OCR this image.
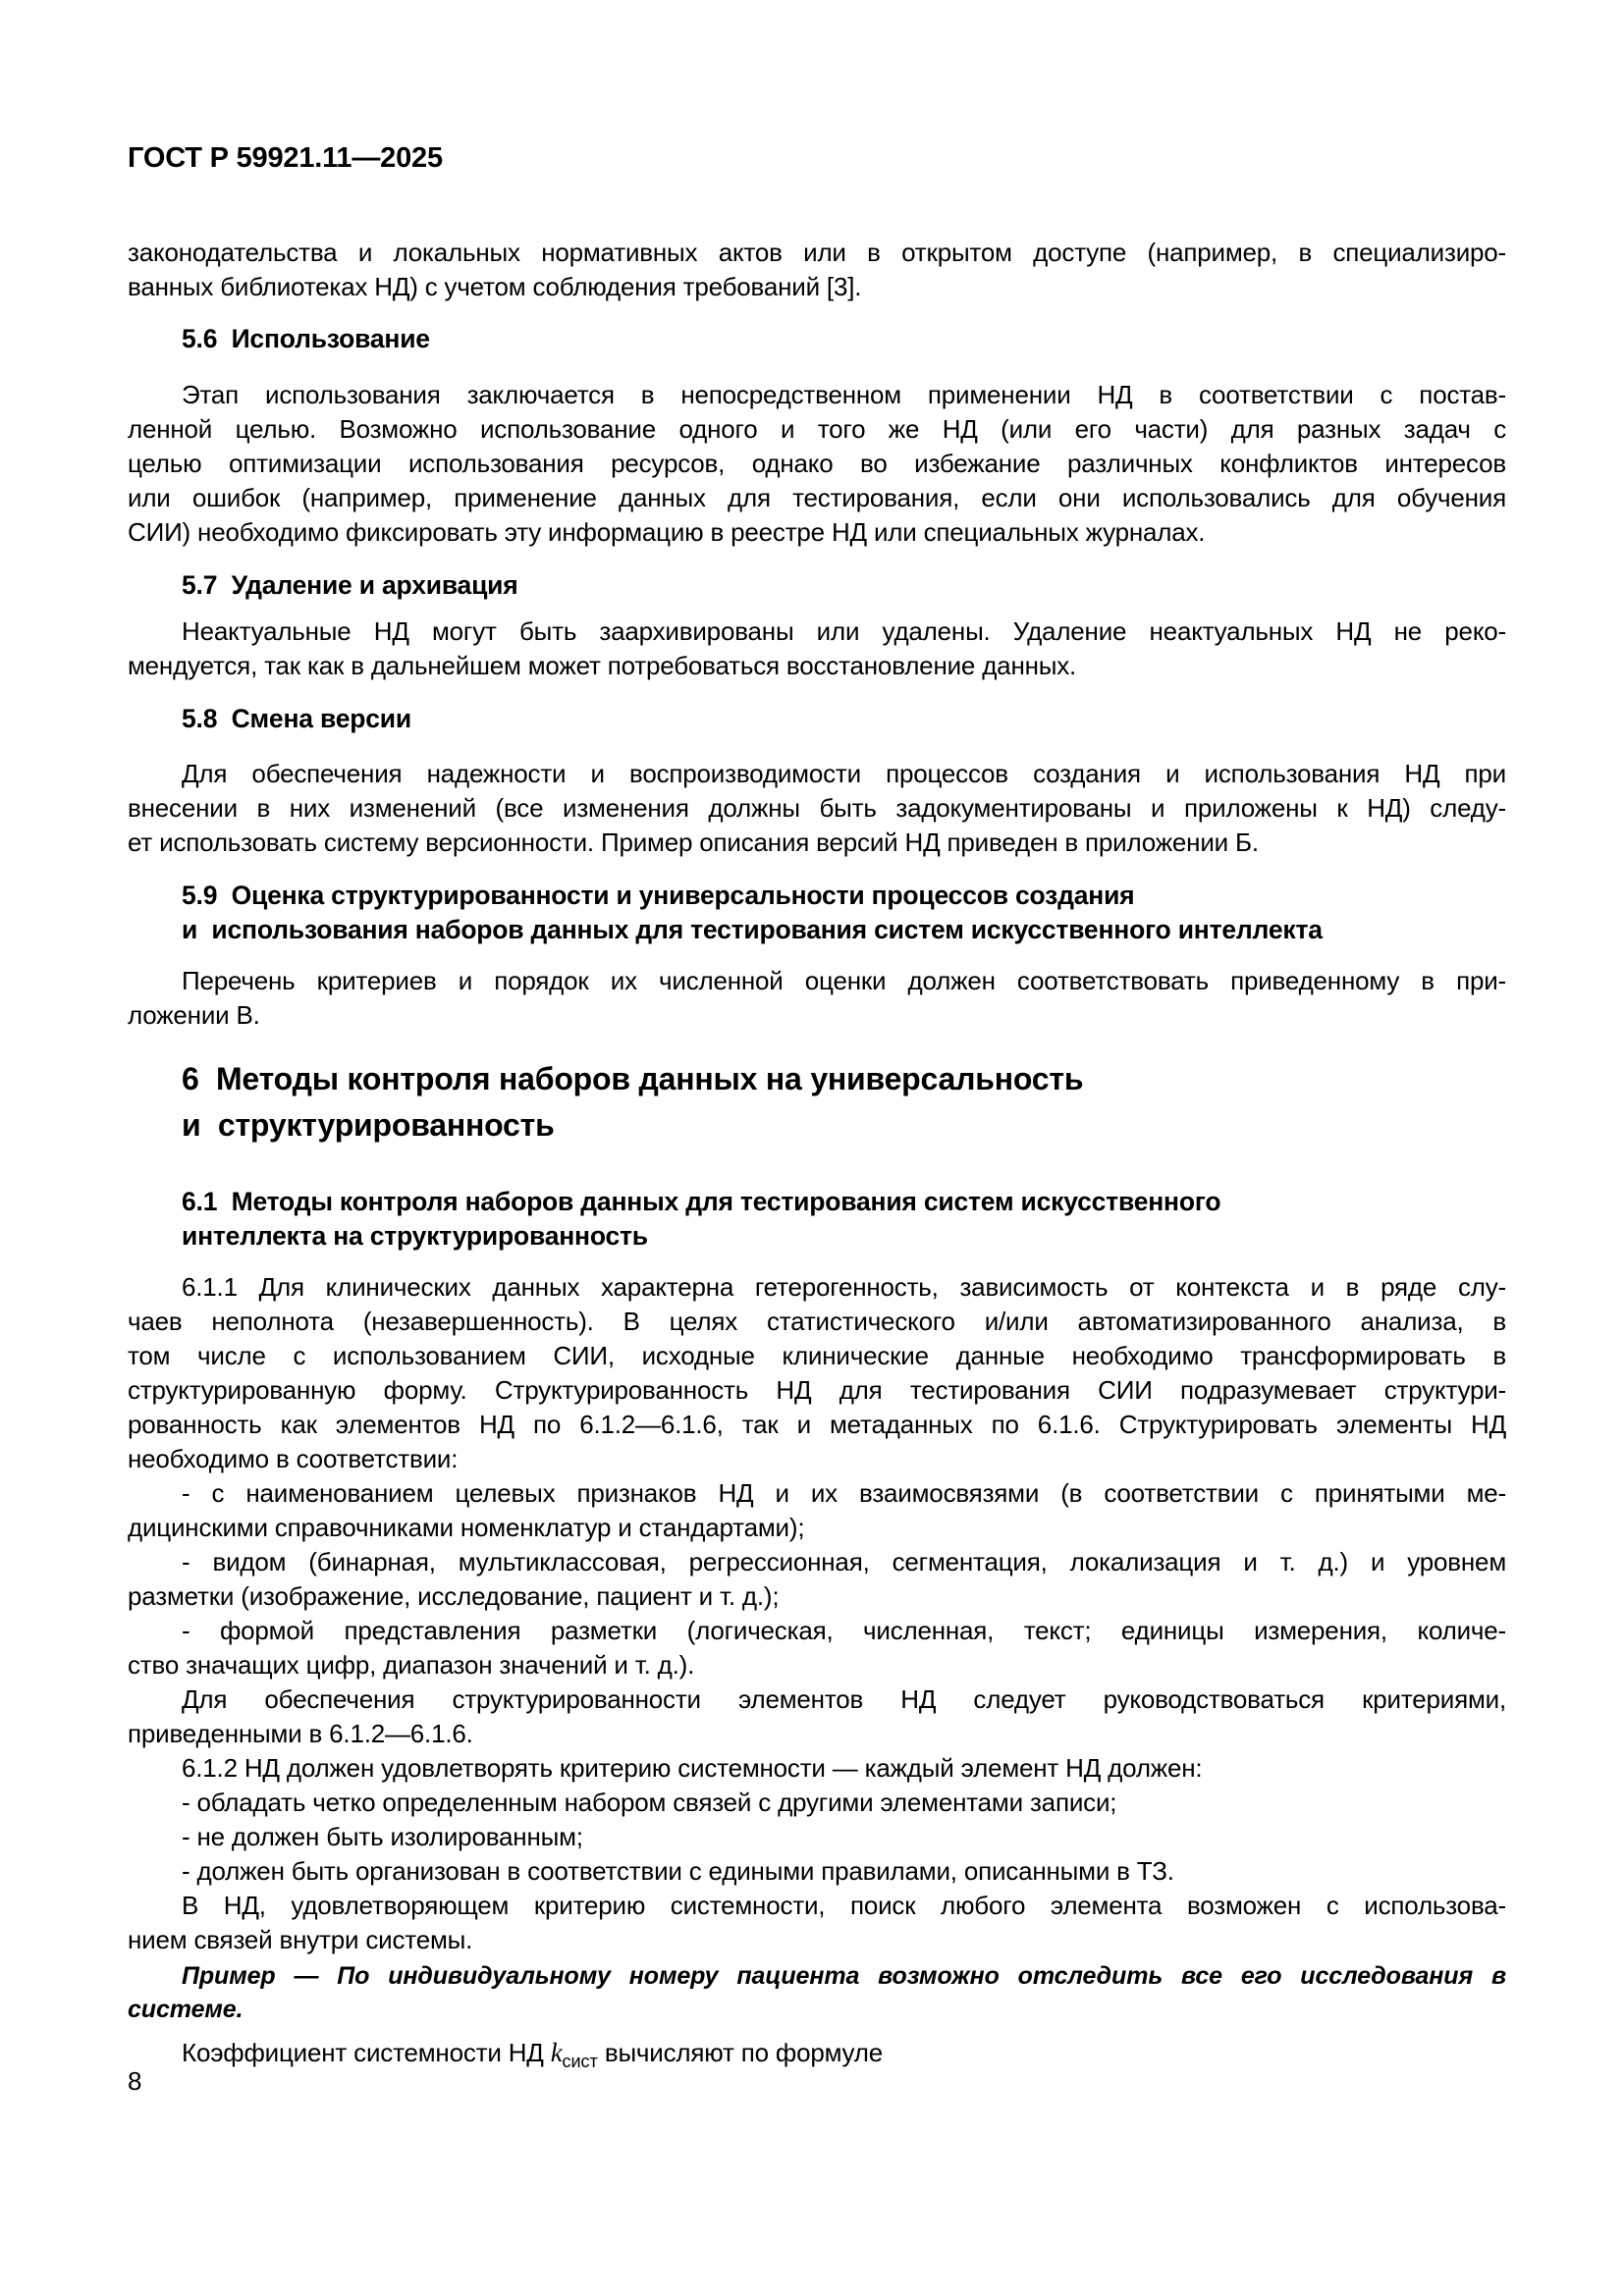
ГОСТ Р 59921.11—2025
законодательства и локальных нормативных актов или в открытом доступе (например, в специализиро-
ванных библиотеках НД) с учетом соблюдения требований [3].
5.6  Использование
Этап использования заключается в непосредственном применении НД в соответствии с постав-
ленной целью. Возможно использование одного и того же НД (или его части) для разных задач с
целью оптимизации использования ресурсов, однако во избежание различных конфликтов интересов
или ошибок (например, применение данных для тестирования, если они использовались для обучения
СИИ) необходимо фиксировать эту информацию в реестре НД или специальных журналах.
5.7  Удаление и архивация
Неактуальные НД могут быть заархивированы или удалены. Удаление неактуальных НД не реко-
мендуется, так как в дальнейшем может потребоваться восстановление данных.
5.8  Смена версии
Для обеспечения надежности и воспроизводимости процессов создания и использования НД при
внесении в них изменений (все изменения должны быть задокументированы и приложены к НД) следу-
ет использовать систему версионности. Пример описания версий НД приведен в приложении Б.
5.9  Оценка структурированности и универсальности процессов создания
и  использования наборов данных для тестирования систем искусственного интеллекта
Перечень критериев и порядок их численной оценки должен соответствовать приведенному в при-
ложении В.
6  Методы контроля наборов данных на универсальность
и  структурированность
6.1  Методы контроля наборов данных для тестирования систем искусственного
интеллекта на структурированность
6.1.1 Для клинических данных характерна гетерогенность, зависимость от контекста и в ряде слу-
чаев неполнота (незавершенность). В целях статистического и/или автоматизированного анализа, в
том числе с использованием СИИ, исходные клинические данные необходимо трансформировать в
структурированную форму. Структурированность НД для тестирования СИИ подразумевает структури-
рованность как элементов НД по 6.1.2—6.1.6, так и метаданных по 6.1.6. Структурировать элементы НД
необходимо в соответствии:
- с наименованием целевых признаков НД и их взаимосвязями (в соответствии с принятыми ме-
дицинскими справочниками номенклатур и стандартами);
- видом (бинарная, мультиклассовая, регрессионная, сегментация, локализация и т. д.) и уровнем
разметки (изображение, исследование, пациент и т. д.);
- формой представления разметки (логическая, численная, текст; единицы измерения, количе-
ство значащих цифр, диапазон значений и т. д.).
Для обеспечения структурированности элементов НД следует руководствоваться критериями,
приведенными в 6.1.2—6.1.6.
6.1.2 НД должен удовлетворять критерию системности — каждый элемент НД должен:
- обладать четко определенным набором связей с другими элементами записи;
- не должен быть изолированным;
- должен быть организован в соответствии с едиными правилами, описанными в ТЗ.
В НД, удовлетворяющем критерию системности, поиск любого элемента возможен с использова-
нием связей внутри системы.
Пример — По индивидуальному номеру пациента возможно отследить все его исследования в
системе.
Коэффициент системности НД $k_{сист}$ вычисляют по формуле
8
